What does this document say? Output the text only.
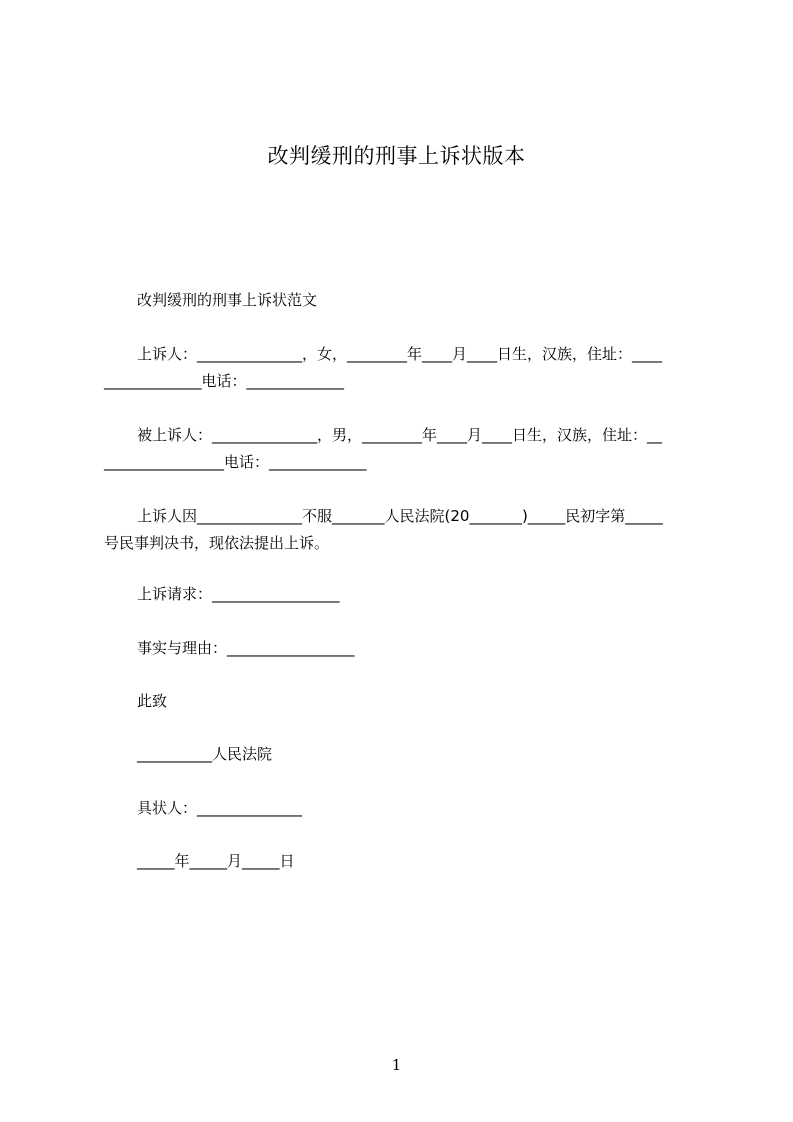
改判缓刑的刑事上诉状版本
改判缓刑的刑事上诉状范文
上诉人：______________，女，________年____月____日生，汉族，住址：____
_____________电话：_____________
被上诉人：______________，男，________年____月____日生，汉族，住址：__
________________电话：_____________
上诉人因______________不服_______人民法院(20_______)_____民初字第_____
号民事判决书，现依法提出上诉。
上诉请求：_________________
事实与理由：_________________
此致
__________人民法院
具状人：______________
_____年_____月_____日
1
